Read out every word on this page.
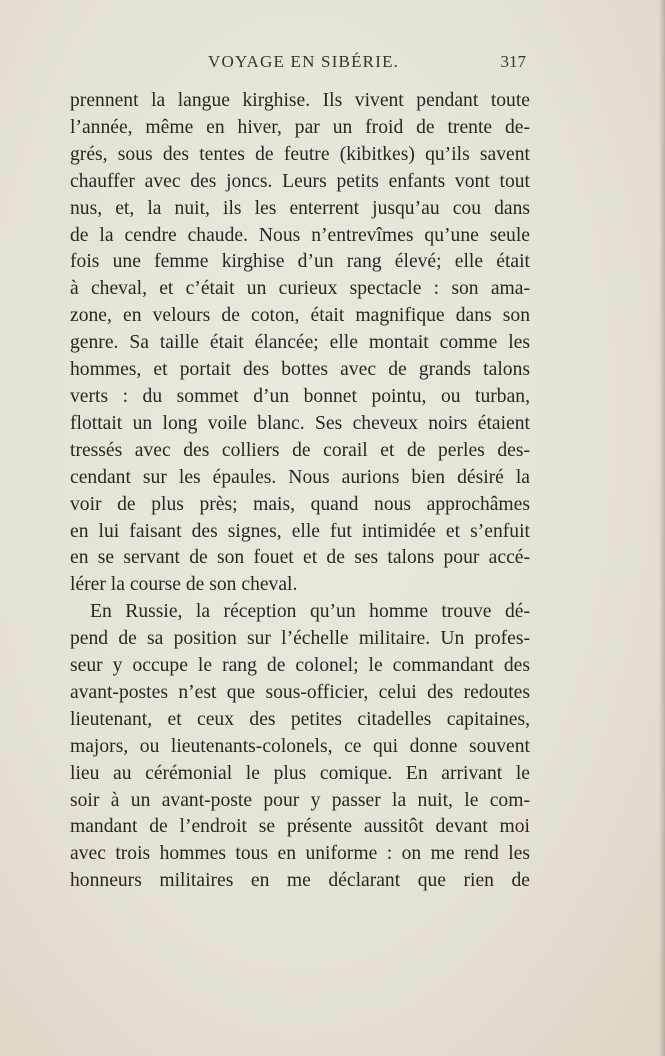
VOYAGE EN SIBÉRIE.	317
prennent la langue kirghise. Ils vivent pendant toute
l’année, même en hiver, par un froid de trente de-
grés, sous des tentes de feutre (kibitkes) qu’ils savent
chauffer avec des joncs. Leurs petits enfants vont tout
nus, et, la nuit, ils les enterrent jusqu’au cou dans
de la cendre chaude. Nous n’entrevîmes qu’une seule
fois une femme kirghise d’un rang élevé; elle était
à cheval, et c’était un curieux spectacle : son ama-
zone, en velours de coton, était magnifique dans son
genre. Sa taille était élancée; elle montait comme les
hommes, et portait des bottes avec de grands talons
verts : du sommet d’un bonnet pointu, ou turban,
flottait un long voile blanc. Ses cheveux noirs étaient
tressés avec des colliers de corail et de perles des-
cendant sur les épaules. Nous aurions bien désiré la
voir de plus près; mais, quand nous approchâmes
en lui faisant des signes, elle fut intimidée et s’enfuit
en se servant de son fouet et de ses talons pour accé-
lérer la course de son cheval.
En Russie, la réception qu’un homme trouve dé-
pend de sa position sur l’échelle militaire. Un profes-
seur y occupe le rang de colonel; le commandant des
avant-postes n’est que sous-officier, celui des redoutes
lieutenant, et ceux des petites citadelles capitaines,
majors, ou lieutenants-colonels, ce qui donne souvent
lieu au cérémonial le plus comique. En arrivant le
soir à un avant-poste pour y passer la nuit, le com-
mandant de l’endroit se présente aussitôt devant moi
avec trois hommes tous en uniforme : on me rend les
honneurs militaires en me déclarant que rien de
